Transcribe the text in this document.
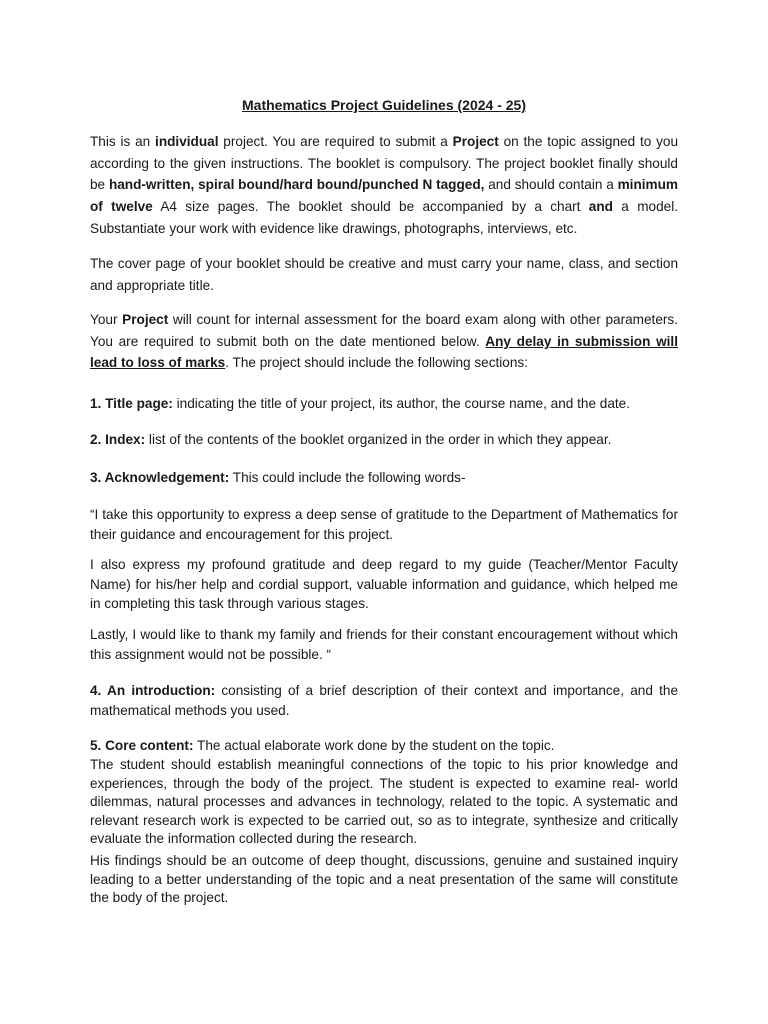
Mathematics Project Guidelines (2024 - 25)

This is an individual project. You are required to submit a Project on the topic assigned to you according to the given instructions. The booklet is compulsory. The project booklet finally should be hand-written, spiral bound/hard bound/punched N tagged, and should contain a minimum of twelve A4 size pages. The booklet should be accompanied by a chart and a model. Substantiate your work with evidence like drawings, photographs, interviews, etc.

The cover page of your booklet should be creative and must carry your name, class, and section and appropriate title.

Your Project will count for internal assessment for the board exam along with other parameters. You are required to submit both on the date mentioned below. Any delay in submission will lead to loss of marks. The project should include the following sections:

1. Title page: indicating the title of your project, its author, the course name, and the date.

2. Index: list of the contents of the booklet organized in the order in which they appear.

3. Acknowledgement: This could include the following words-

“I take this opportunity to express a deep sense of gratitude to the Department of Mathematics for their guidance and encouragement for this project.

I also express my profound gratitude and deep regard to my guide (Teacher/Mentor Faculty Name) for his/her help and cordial support, valuable information and guidance, which helped me in completing this task through various stages.

Lastly, I would like to thank my family and friends for their constant encouragement without which this assignment would not be possible. “

4. An introduction: consisting of a brief description of their context and importance, and the mathematical methods you used.

5. Core content: The actual elaborate work done by the student on the topic.

The student should establish meaningful connections of the topic to his prior knowledge and experiences, through the body of the project. The student is expected to examine real- world dilemmas, natural processes and advances in technology, related to the topic. A systematic and relevant research work is expected to be carried out, so as to integrate, synthesize and critically evaluate the information collected during the research.

His findings should be an outcome of deep thought, discussions, genuine and sustained inquiry leading to a better understanding of the topic and a neat presentation of the same will constitute the body of the project.
